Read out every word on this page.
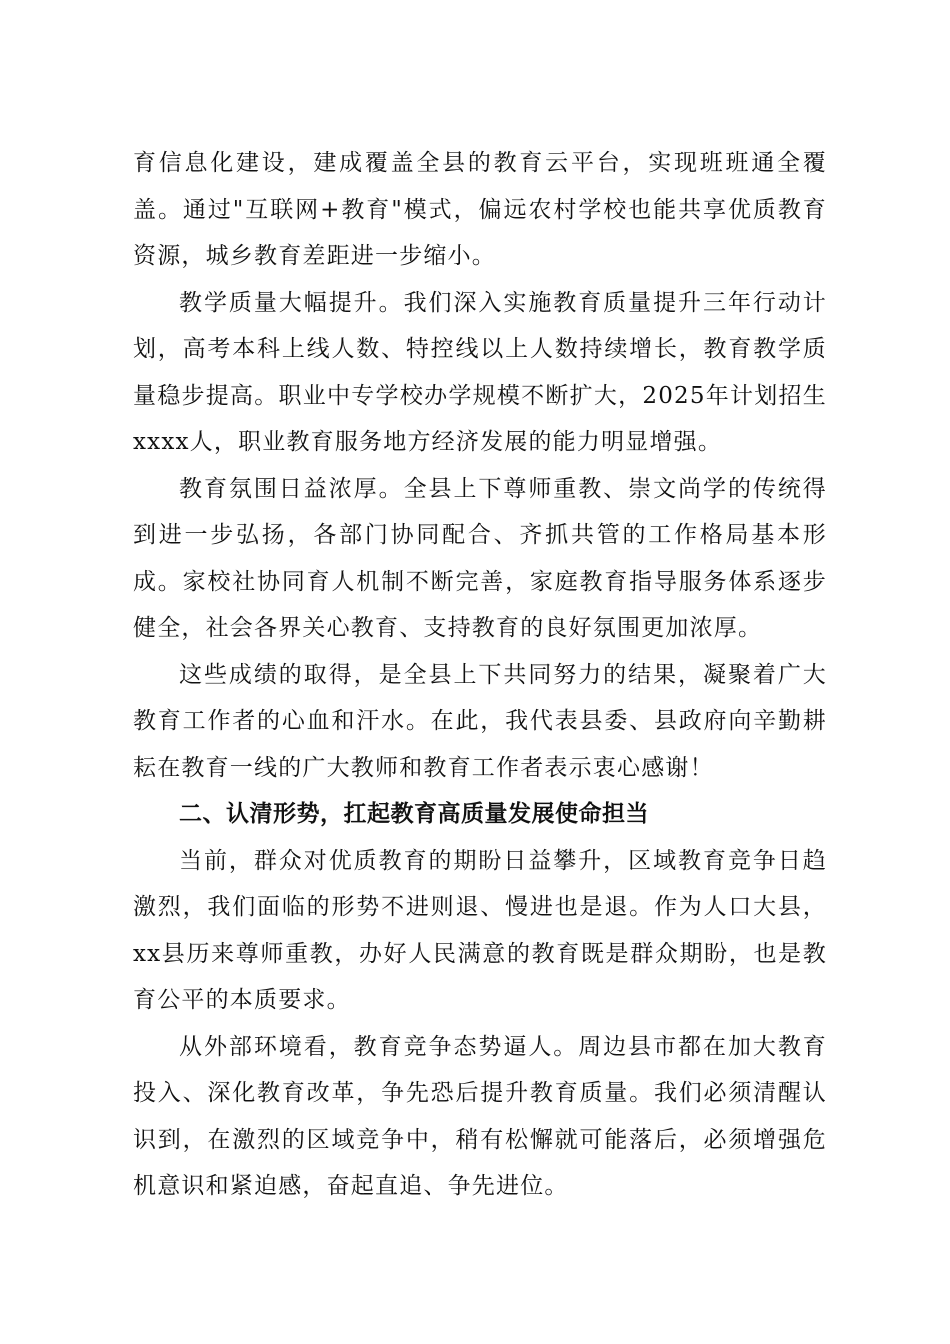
育信息化建设，建成覆盖全县的教育云平台，实现班班通全覆盖。通过"互联网+教育"模式，偏远农村学校也能共享优质教育资源，城乡教育差距进一步缩小。

教学质量大幅提升。我们深入实施教育质量提升三年行动计划，高考本科上线人数、特控线以上人数持续增长，教育教学质量稳步提高。职业中专学校办学规模不断扩大，2025年计划招生xxxx人，职业教育服务地方经济发展的能力明显增强。

教育氛围日益浓厚。全县上下尊师重教、崇文尚学的传统得到进一步弘扬，各部门协同配合、齐抓共管的工作格局基本形成。家校社协同育人机制不断完善，家庭教育指导服务体系逐步健全，社会各界关心教育、支持教育的良好氛围更加浓厚。

这些成绩的取得，是全县上下共同努力的结果，凝聚着广大教育工作者的心血和汗水。在此，我代表县委、县政府向辛勤耕耘在教育一线的广大教师和教育工作者表示衷心感谢！

二、认清形势，扛起教育高质量发展使命担当

当前，群众对优质教育的期盼日益攀升，区域教育竞争日趋激烈，我们面临的形势不进则退、慢进也是退。作为人口大县，xx县历来尊师重教，办好人民满意的教育既是群众期盼，也是教育公平的本质要求。

从外部环境看，教育竞争态势逼人。周边县市都在加大教育投入、深化教育改革，争先恐后提升教育质量。我们必须清醒认识到，在激烈的区域竞争中，稍有松懈就可能落后，必须增强危机意识和紧迫感，奋起直追、争先进位。
